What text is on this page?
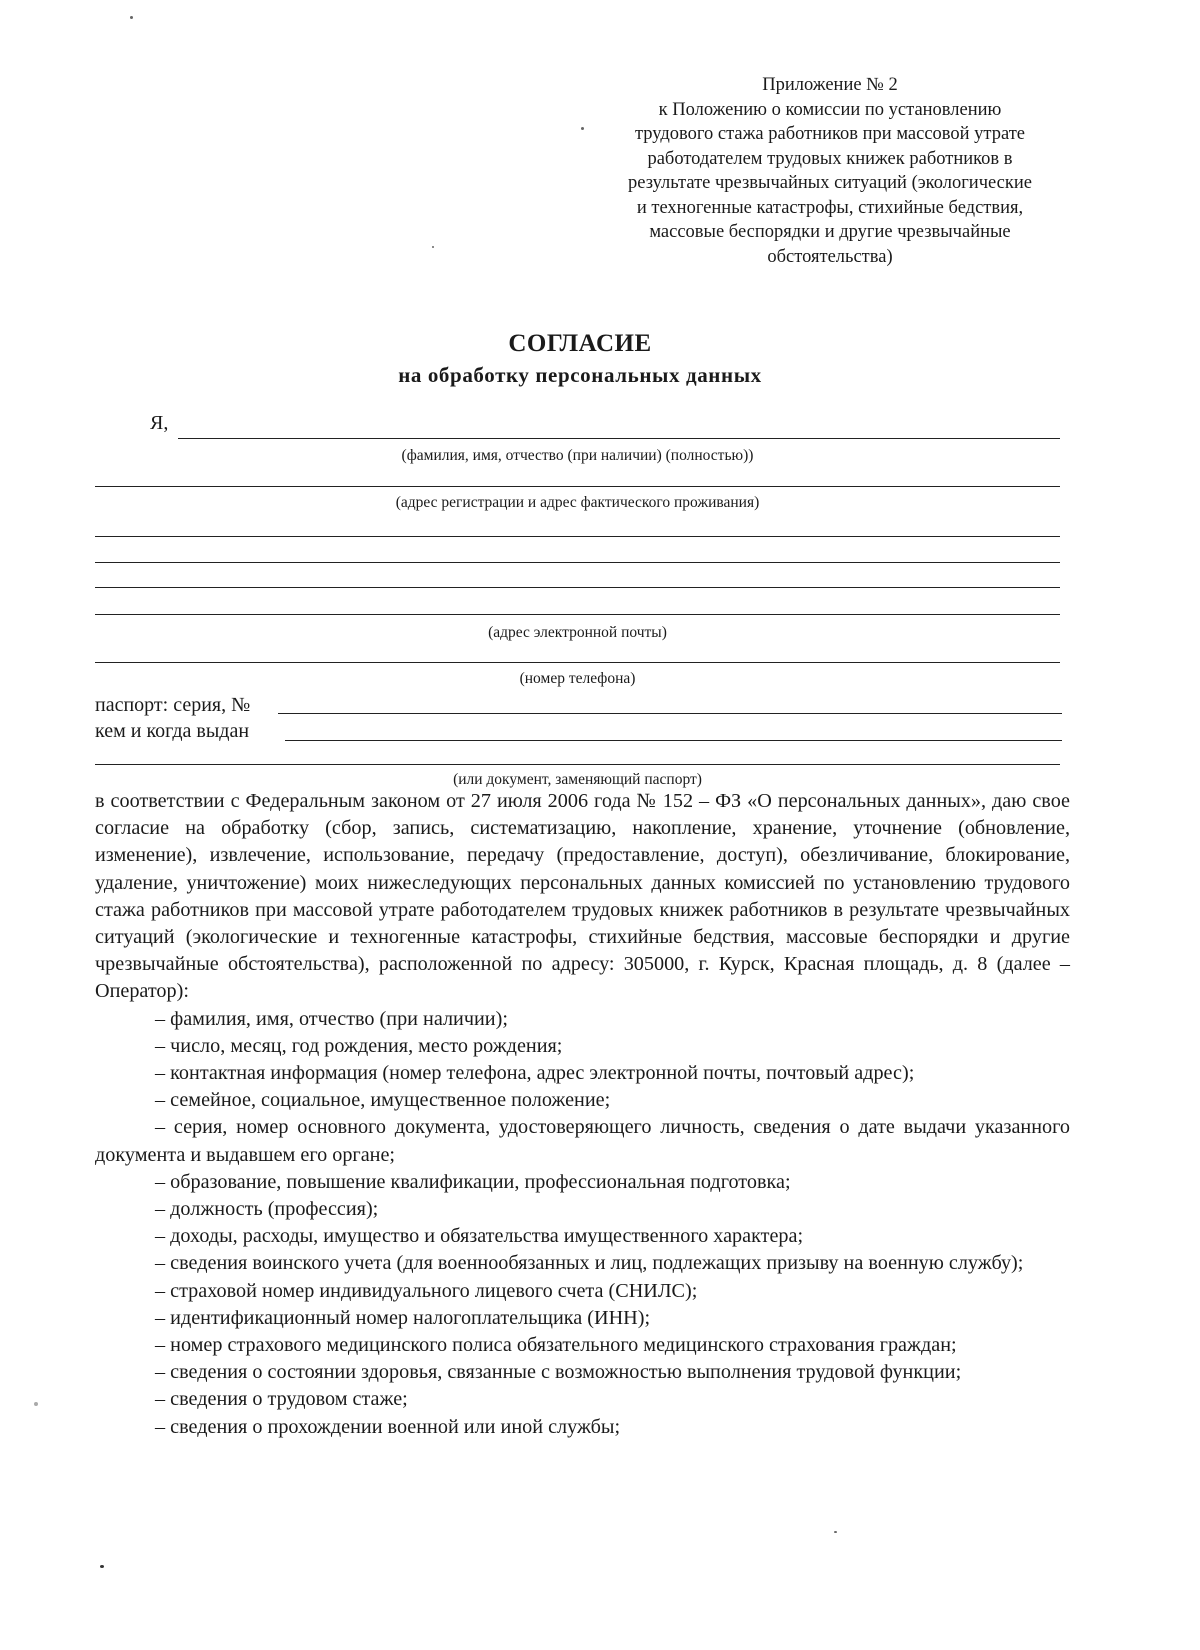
Приложение № 2
к Положению о комиссии по установлению
трудового стажа работников при массовой утрате
работодателем трудовых книжек работников в
результате чрезвычайных ситуаций (экологические
и техногенные катастрофы, стихийные бедствия,
массовые беспорядки и другие чрезвычайные
обстоятельства)
СОГЛАСИЕ
на обработку персональных данных
Я,
(фамилия, имя, отчество (при наличии) (полностью))
(адрес регистрации и адрес фактического проживания)
(адрес электронной почты)
(номер телефона)
паспорт: серия, №
кем и когда выдан
(или документ, заменяющий паспорт)

в соответствии с Федеральным законом от 27 июля 2006 года № 152 – ФЗ «О персональных данных», даю свое согласие на обработку (сбор, запись, систематизацию, накопление, хранение, уточнение (обновление, изменение), извлечение, использование, передачу (предоставление, доступ), обезличивание, блокирование, удаление, уничтожение) моих нижеследующих персональных данных комиссией по установлению трудового стажа работников при массовой утрате работодателем трудовых книжек работников в результате чрезвычайных ситуаций (экологические и техногенные катастрофы, стихийные бедствия, массовые беспорядки и другие чрезвычайные обстоятельства), расположенной по адресу: 305000, г. Курск, Красная площадь, д. 8 (далее – Оператор):

– фамилия, имя, отчество (при наличии);

– число, месяц, год рождения, место рождения;

– контактная информация (номер телефона, адрес электронной почты, почтовый адрес);

– семейное, социальное, имущественное положение;

– серия, номер основного документа, удостоверяющего личность, сведения о дате выдачи указанного документа и выдавшем его органе;

– образование, повышение квалификации, профессиональная подготовка;

– должность (профессия);

– доходы, расходы, имущество и обязательства имущественного характера;

– сведения воинского учета (для военнообязанных и лиц, подлежащих призыву на военную службу);

– страховой номер индивидуального лицевого счета (СНИЛС);

– идентификационный номер налогоплательщика (ИНН);

– номер страхового медицинского полиса обязательного медицинского страхования граждан;

– сведения о состоянии здоровья, связанные с возможностью выполнения трудовой функции;

– сведения о трудовом стаже;

– сведения о прохождении военной или иной службы;
